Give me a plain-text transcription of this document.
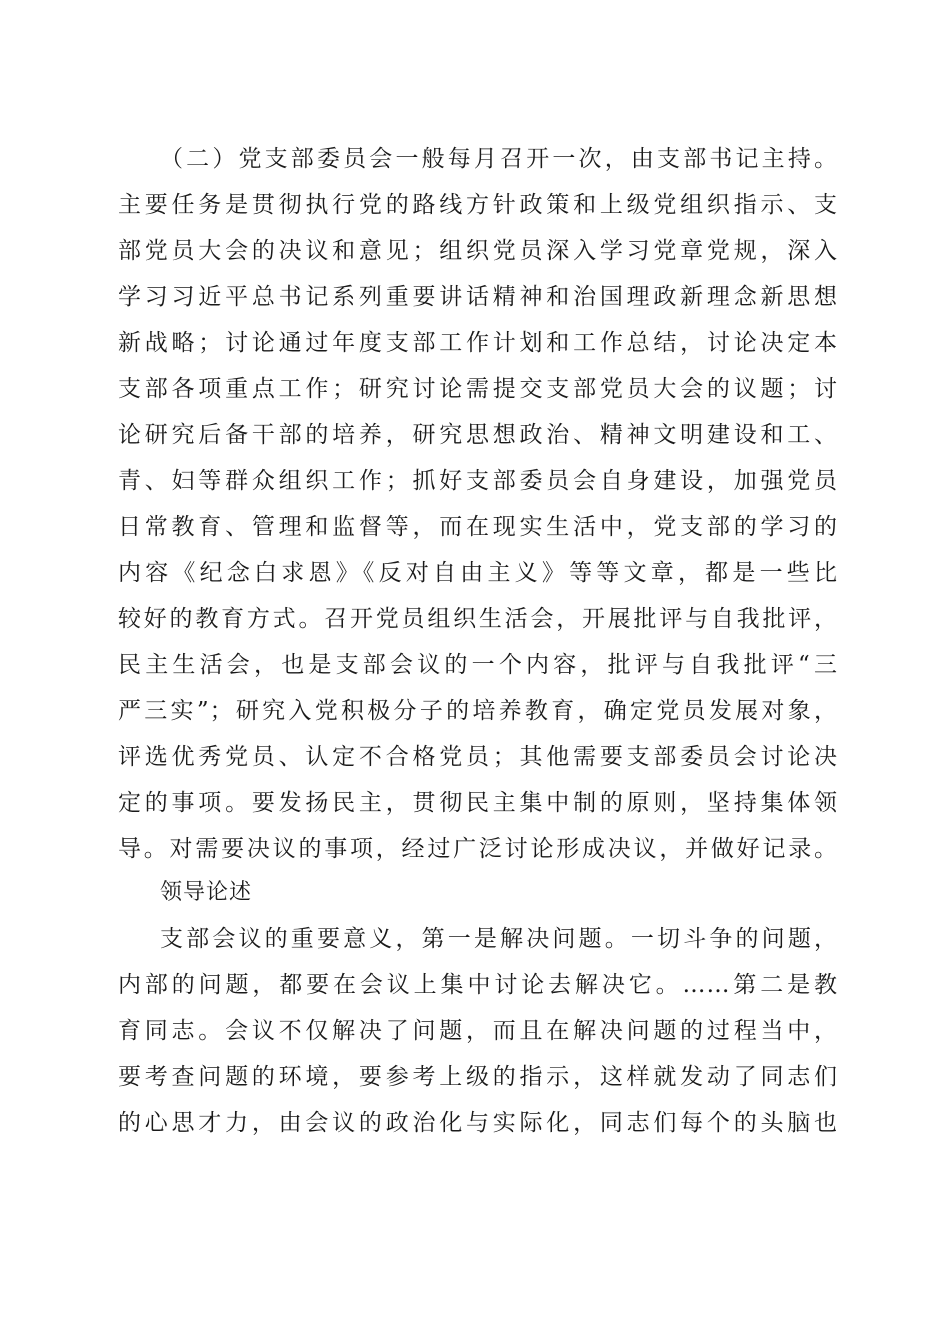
（二）党支部委员会一般每月召开一次，由支部书记主持。
主要任务是贯彻执行党的路线方针政策和上级党组织指示、支
部党员大会的决议和意见；组织党员深入学习党章党规，深入
学习习近平总书记系列重要讲话精神和治国理政新理念新思想
新战略；讨论通过年度支部工作计划和工作总结，讨论决定本
支部各项重点工作；研究讨论需提交支部党员大会的议题；讨
论研究后备干部的培养，研究思想政治、精神文明建设和工、
青、妇等群众组织工作；抓好支部委员会自身建设，加强党员
日常教育、管理和监督等，而在现实生活中，党支部的学习的
内容《纪念白求恩》《反对自由主义》等等文章，都是一些比
较好的教育方式。召开党员组织生活会，开展批评与自我批评，
民主生活会，也是支部会议的一个内容，批评与自我批评“三
严三实”；研究入党积极分子的培养教育，确定党员发展对象，
评选优秀党员、认定不合格党员；其他需要支部委员会讨论决
定的事项。要发扬民主，贯彻民主集中制的原则，坚持集体领
导。对需要决议的事项，经过广泛讨论形成决议，并做好记录。
领导论述
支部会议的重要意义，第一是解决问题。一切斗争的问题，
内部的问题，都要在会议上集中讨论去解决它。……第二是教
育同志。会议不仅解决了问题，而且在解决问题的过程当中，
要考查问题的环境，要参考上级的指示，这样就发动了同志们
的心思才力，由会议的政治化与实际化，同志们每个的头脑也
